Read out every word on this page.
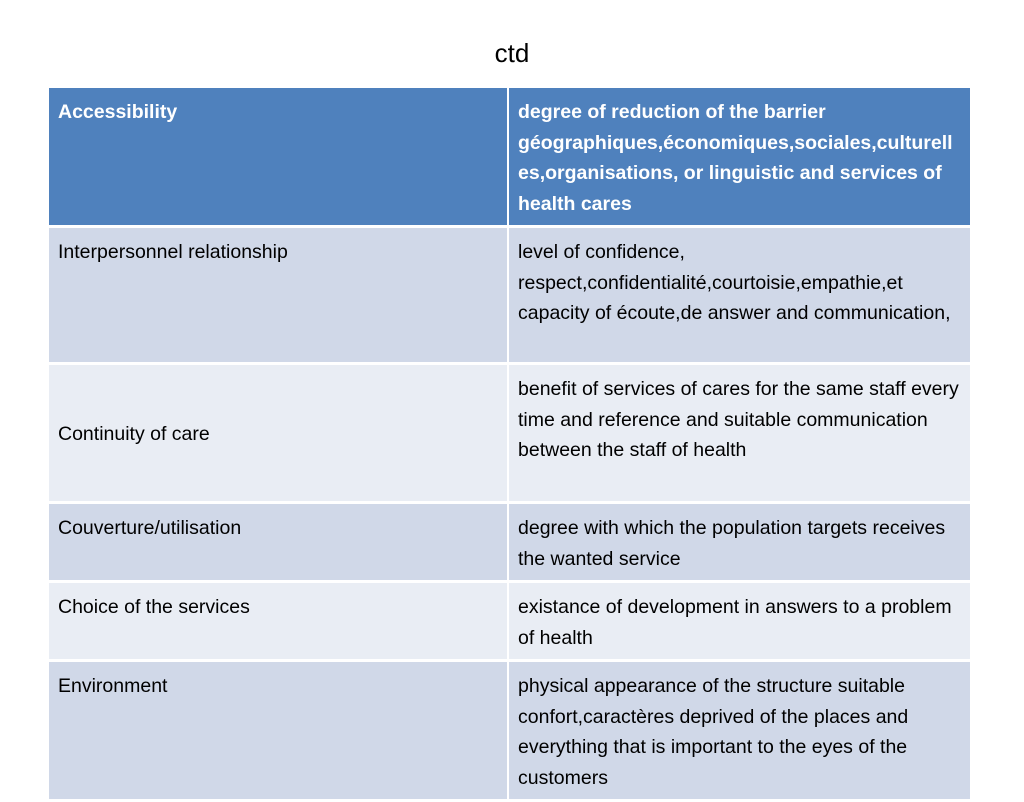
ctd
Accessibility	degree of reduction of the barrier géographiques,économiques,sociales,culturelles,organisations, or linguistic and services of health cares
Interpersonnel relationship	level of confidence, respect,confidentialité,courtoisie,empathie,et capacity of écoute,de answer and communication,
Continuity of care	benefit of services of cares for the same staff every time and reference and suitable communication between the staff of health
Couverture/utilisation	degree with which the population targets receives the wanted service
Choice of the services	existance of development in answers to a problem of health
Environment	physical appearance of the structure suitable confort,caractères deprived of the places and everything that is important to the eyes of the customers
